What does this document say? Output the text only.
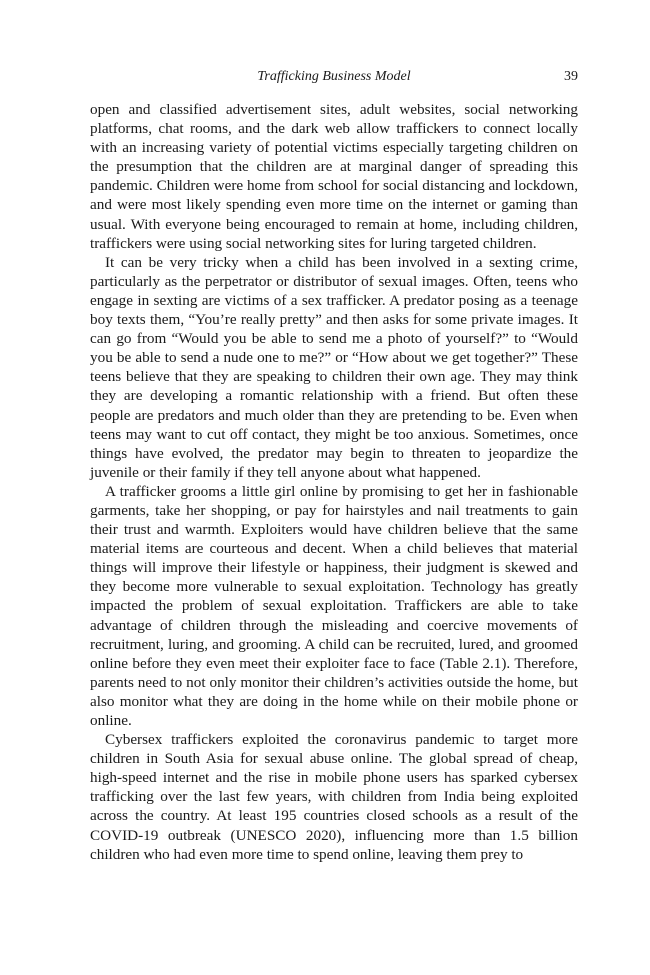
Trafficking Business Model	39

open and classified advertisement sites, adult websites, social networking platforms, chat rooms, and the dark web allow traffickers to connect locally with an increasing variety of potential victims especially targeting children on the presumption that the children are at marginal danger of spreading this pandemic. Children were home from school for social distancing and lockdown, and were most likely spending even more time on the internet or gaming than usual. With everyone being encouraged to remain at home, including children, traffickers were using social networking sites for luring targeted children.

It can be very tricky when a child has been involved in a sexting crime, particularly as the perpetrator or distributor of sexual images. Often, teens who engage in sexting are victims of a sex trafficker. A predator posing as a teenage boy texts them, “You’re really pretty” and then asks for some private images. It can go from “Would you be able to send me a photo of yourself?” to “Would you be able to send a nude one to me?” or “How about we get together?” These teens believe that they are speaking to children their own age. They may think they are developing a romantic relationship with a friend. But often these people are predators and much older than they are pretending to be. Even when teens may want to cut off contact, they might be too anxious. Sometimes, once things have evolved, the predator may begin to threaten to jeopardize the juvenile or their family if they tell anyone about what happened.

A trafficker grooms a little girl online by promising to get her in fashionable garments, take her shopping, or pay for hairstyles and nail treatments to gain their trust and warmth. Exploiters would have children believe that the same material items are courteous and decent. When a child believes that material things will improve their lifestyle or happiness, their judgment is skewed and they become more vulnerable to sexual exploitation. Technology has greatly impacted the problem of sexual exploitation. Traffickers are able to take advantage of children through the misleading and coercive movements of recruitment, luring, and grooming. A child can be recruited, lured, and groomed online before they even meet their exploiter face to face (Table 2.1). Therefore, parents need to not only monitor their children’s activities outside the home, but also monitor what they are doing in the home while on their mobile phone or online.

Cybersex traffickers exploited the coronavirus pandemic to target more children in South Asia for sexual abuse online. The global spread of cheap, high-speed internet and the rise in mobile phone users has sparked cybersex trafficking over the last few years, with children from India being exploited across the country. At least 195 countries closed schools as a result of the COVID-19 outbreak (UNESCO 2020), influencing more than 1.5 billion children who had even more time to spend online, leaving them prey to
